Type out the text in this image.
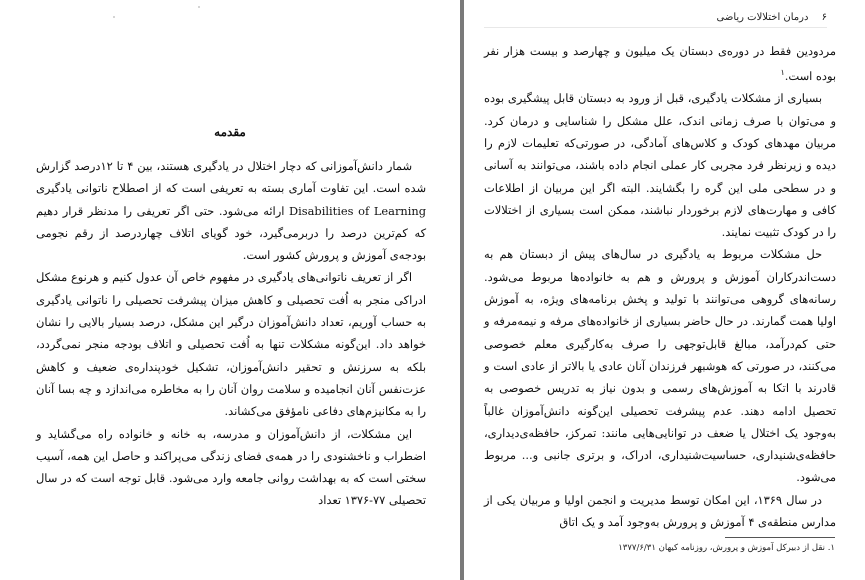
مقدمه

شمار دانش‌آموزانی که دچار اختلال در یادگیری هستند، بین ۴ تا ۱۲درصد گزارش شده است. این تفاوت آماری بسته به تعریفی است که از اصطلاح ناتوانی یادگیری Disabilities of Learning ارائه می‌شود. حتی اگر تعریفی را مدنظر قرار دهیم که کم‌ترین درصد را دربرمی‌گیرد، خود گویای اتلاف چهاردرصد از رقم نجومی بودجه‌ی آموزش و پرورش کشور است.

اگر از تعریف ناتوانی‌های یادگیری در مفهوم خاص آن عدول کنیم و هرنوع مشکل ادراکی منجر به اُفت تحصیلی و کاهش میزان پیشرفت تحصیلی را ناتوانی یادگیری به حساب آوریم، تعداد دانش‌آموزان درگیر این مشکل، درصد بسیار بالایی را نشان خواهد داد. این‌گونه مشکلات تنها به اُفت تحصیلی و اتلاف بودجه منجر نمی‌گردد، بلکه به سرزنش و تحقیر دانش‌آموزان، تشکیل خودپنداره‌ی ضعیف و کاهش عزت‌نفس آنان انجامیده و سلامت روان آنان را به مخاطره می‌اندازد و چه بسا آنان را به مکانیزم‌های دفاعی نامؤفق می‌کشاند.

این مشکلات، از دانش‌آموزان و مدرسه، به خانه و خانواده راه می‌گشاید و اضطراب و ناخشنودی را در همه‌ی فضای زندگی می‌پراکند و حاصل این همه، آسیب سختی است که به بهداشت روانی جامعه وارد می‌شود. قابل توجه است که در سال تحصیلی ۷۷-۱۳۷۶ تعداد

۶ درمان اختلالات ریاضی

مردودین فقط در دوره‌ی دبستان یک میلیون و چهارصد و بیست هزار نفر بوده است.$^۱$

بسیاری از مشکلات یادگیری، قبل از ورود به دبستان قابل پیشگیری بوده و می‌توان با صرف زمانی اندک، علل مشکل را شناسایی و درمان کرد. مربیان مهدهای کودک و کلاس‌های آمادگی، در صورتی‌که تعلیمات لازم را دیده و زیرنظر فرد مجربی کار عملی انجام داده باشند، می‌توانند به آسانی و در سطحی ملی این گره را بگشایند. البته اگر این مربیان از اطلاعات کافی و مهارت‌های لازم برخوردار نباشند، ممکن است بسیاری از اختلالات را در کودک تثبیت نمایند.

حل مشکلات مربوط به یادگیری در سال‌های پیش از دبستان هم به دست‌اندرکاران آموزش و پرورش و هم به خانواده‌ها مربوط می‌شود. رسانه‌های گروهی می‌توانند با تولید و پخش برنامه‌های ویژه، به آموزش اولیا همت گمارند. در حال حاضر بسیاری از خانواده‌های مرفه و نیمه‌مرفه و حتی کم‌درآمد، مبالغ قابل‌توجهی را صرف به‌کارگیری معلم خصوصی می‌کنند، در صورتی که هوشبهر فرزندان آنان عادی یا بالاتر از عادی است و قادرند با اتکا به آموزش‌های رسمی و بدون نیاز به تدریس خصوصی به تحصیل ادامه دهند. عدم پیشرفت تحصیلی این‌گونه دانش‌آموزان غالباً به‌وجود یک اختلال یا ضعف در توانایی‌هایی مانند: تمرکز، حافظه‌ی‌دیداری، حافظه‌ی‌شنیداری، حساسیت‌شنیداری، ادراک، و برتری جانبی و... مربوط می‌شود.

در سال ۱۳۶۹، این امکان توسط مدیریت و انجمن اولیا و مربیان یکی از مدارس منطقه‌ی ۴ آموزش و پرورش به‌وجود آمد و یک اتاق

۱. نقل از دبیرکل آموزش و پرورش، روزنامه کیهان ۱۳۷۷/۶/۳۱
